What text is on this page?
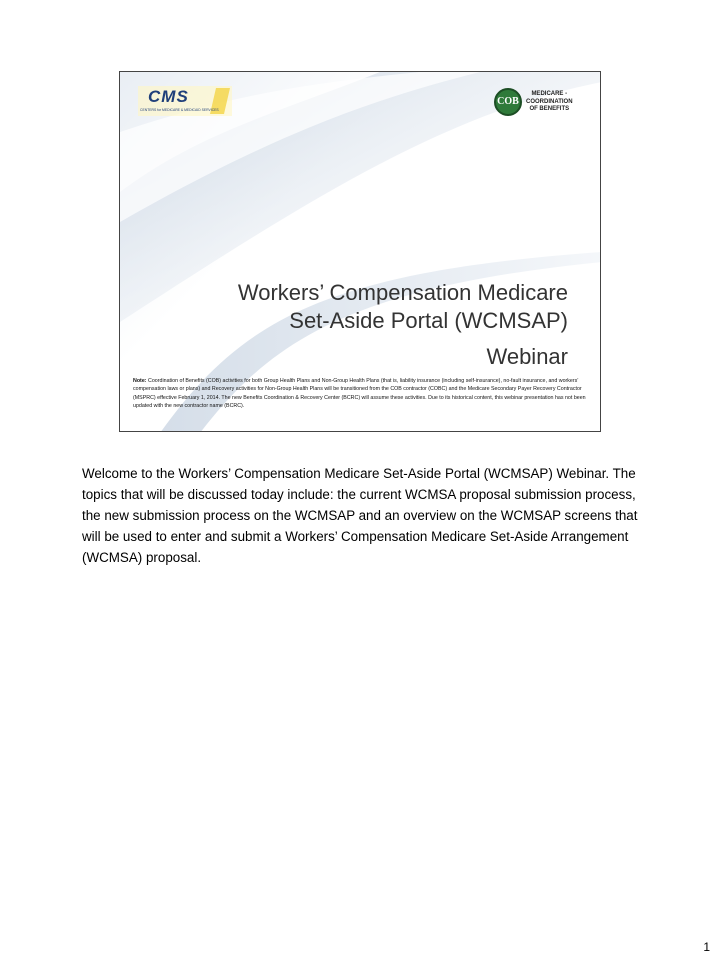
CMS
CENTERS for MEDICARE & MEDICAID SERVICES
COB
MEDICARE -
COORDINATION
OF BENEFITS
Workers’ Compensation Medicare
Set-Aside Portal (WCMSAP)
Webinar
Note: Coordination of Benefits (COB) activities for both Group Health Plans and Non-Group Health Plans (that is, liability insurance (including self-insurance), no-fault insurance, and workers’ compensation laws or plans) and Recovery activities for Non-Group Health Plans will be transitioned from the COB contractor (COBC) and the Medicare Secondary Payer Recovery Contractor (MSPRC) effective February 1, 2014. The new Benefits Coordination & Recovery Center (BCRC) will assume these activities. Due to its historical content, this webinar presentation has not been updated with the new contractor name (BCRC).

Welcome to the Workers’ Compensation Medicare Set-Aside Portal (WCMSAP) Webinar. The topics that will be discussed today include: the current WCMSA proposal submission process, the new submission process on the WCMSAP and an overview on the WCMSAP screens that will be used to enter and submit a Workers’ Compensation Medicare Set-Aside Arrangement (WCMSA) proposal.

1
